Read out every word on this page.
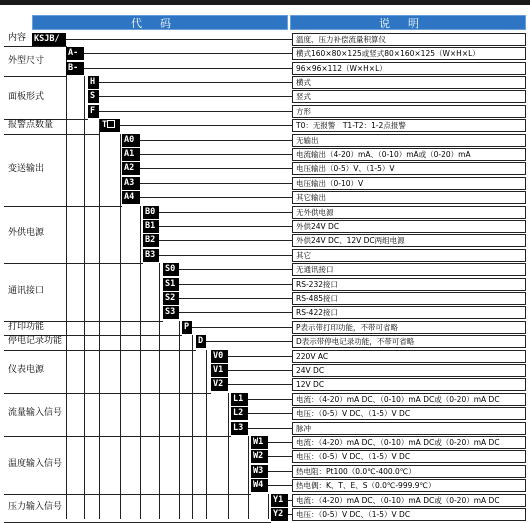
代码	说明
内容 KSJB/	温度、压力补偿流量积算仪
外型尺寸
A-	横式160×80×125或竖式80×160×125（W×H×L）
B-	96×96×112（W×H×L）
面板形式
H	横式
S	竖式
F	方形
报警点数量	T	T0：无报警　T1-T2：1-2点报警
变送输出
A0	无输出
A1	电流输出（4-20）mA、（0-10）mA或（0-20）mA
A2	电压输出（0-5）V、（1-5）V
A3	电压输出（0-10）V
A4	其它输出
外供电源
B0	无外供电源
B1	外供24V DC
B2	外供24V DC、12V DC两组电源
B3	其它
通讯接口
S0	无通讯接口
S1	RS-232接口
S2	RS-485接口
S3	RS-422接口
打印功能	P	P表示带打印功能，不带可省略
停电记录功能	D	D表示带停电记录功能，不带可省略
仪表电源
V0	220V AC
V1	24V DC
V2	12V DC
流量输入信号
L1	电流：（4-20）mA DC、（0-10）mA DC或（0-20）mA DC
L2	电压：（0-5）V DC、（1-5）V DC
L3	脉冲
温度输入信号
W1	电流：（4-20）mA DC、（0-10）mA DC或（0-20）mA DC
W2	电压：（0-5）V DC、（1-5）V DC
W3	热电阻：Pt100（0.0℃-400.0℃）
W4	热电偶：K、T、E、S（0.0℃-999.9℃）
压力输入信号
Y1	电流：（4-20）mA DC、（0-10）mA DC或（0-20）mA DC
Y2	电压：（0-5）V DC、（1-5）V DC
